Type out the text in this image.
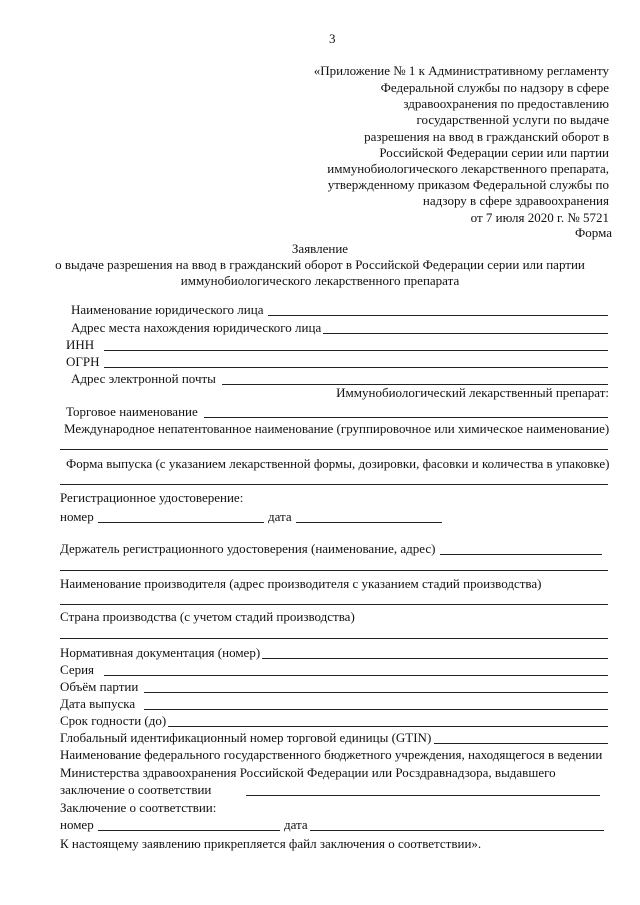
3
«Приложение № 1 к Административному регламенту
Федеральной службы по надзору в сфере
здравоохранения по предоставлению
государственной услуги по выдаче
разрешения на ввод в гражданский оборот в
Российской Федерации серии или партии
иммунобиологического лекарственного препарата,
утвержденному приказом Федеральной службы по
надзору в сфере здравоохранения
от 7 июля 2020 г. № 5721
Форма
Заявление
о выдаче разрешения на ввод в гражданский оборот в Российской Федерации серии или партии
иммунобиологического лекарственного препарата
Наименование юридического лица
Адрес места нахождения юридического лица
ИНН
ОГРН
Адрес электронной почты
Иммунобиологический лекарственный препарат:
Торговое наименование
Международное непатентованное наименование (группировочное или химическое наименование)
Форма выпуска (с указанием лекарственной формы, дозировки, фасовки и количества в упаковке)
Регистрационное удостоверение:
номер	дата
Держатель регистрационного удостоверения (наименование, адрес)
Наименование производителя (адрес производителя с указанием стадий производства)
Страна производства (с учетом стадий производства)
Нормативная документация (номер)
Серия
Объём партии
Дата выпуска
Срок годности (до)
Глобальный идентификационный номер торговой единицы (GTIN)
Наименование федерального государственного бюджетного учреждения, находящегося в ведении
Министерства здравоохранения Российской Федерации или Росздравнадзора, выдавшего
заключение о соответствии
Заключение о соответствии:
номер	дата
К настоящему заявлению прикрепляется файл заключения о соответствии».
